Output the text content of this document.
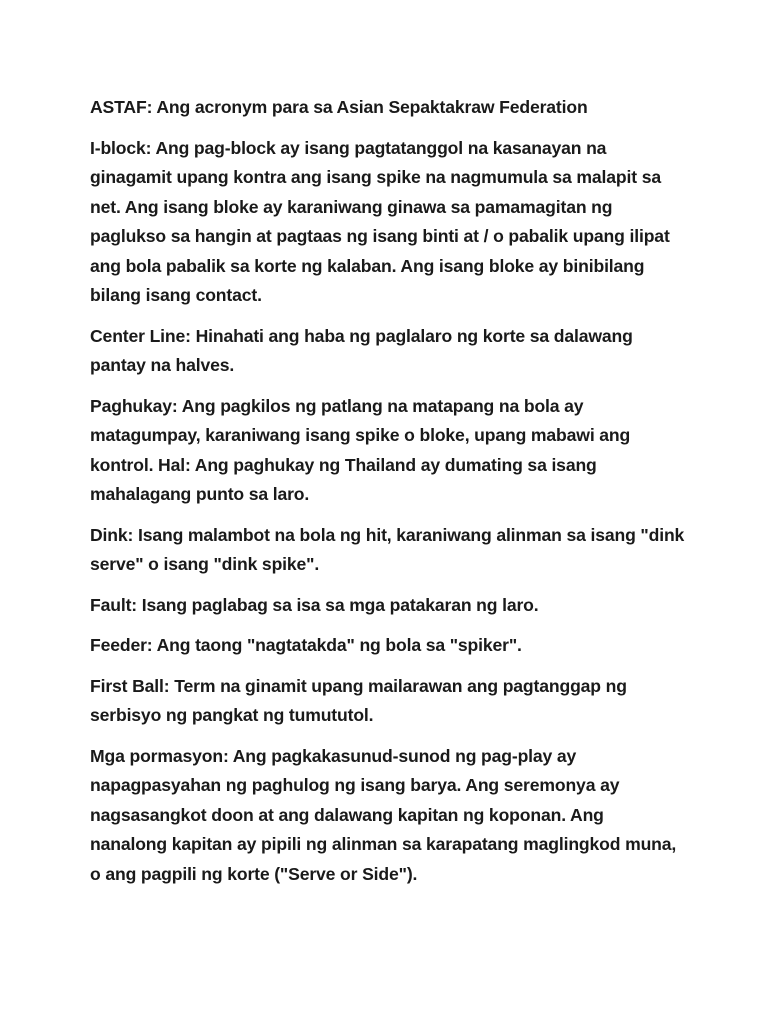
ASTAF: Ang acronym para sa Asian Sepaktakraw Federation

I-block: Ang pag-block ay isang pagtatanggol na kasanayan na ginagamit upang kontra ang isang spike na nagmumula sa malapit sa net. Ang isang bloke ay karaniwang ginawa sa pamamagitan ng paglukso sa hangin at pagtaas ng isang binti at / o pabalik upang ilipat ang bola pabalik sa korte ng kalaban. Ang isang bloke ay binibilang bilang isang contact.

Center Line: Hinahati ang haba ng paglalaro ng korte sa dalawang pantay na halves.

Paghukay: Ang pagkilos ng patlang na matapang na bola ay matagumpay, karaniwang isang spike o bloke, upang mabawi ang kontrol. Hal: Ang paghukay ng Thailand ay dumating sa isang mahalagang punto sa laro.

Dink: Isang malambot na bola ng hit, karaniwang alinman sa isang "dink serve" o isang "dink spike".

Fault: Isang paglabag sa isa sa mga patakaran ng laro.

Feeder: Ang taong "nagtatakda" ng bola sa "spiker".

First Ball: Term na ginamit upang mailarawan ang pagtanggap ng serbisyo ng pangkat ng tumututol.

Mga pormasyon: Ang pagkakasunud-sunod ng pag-play ay napagpasyahan ng paghulog ng isang barya. Ang seremonya ay nagsasangkot doon at ang dalawang kapitan ng koponan. Ang nanalong kapitan ay pipili ng alinman sa karapatang maglingkod muna, o ang pagpili ng korte ("Serve or Side").
